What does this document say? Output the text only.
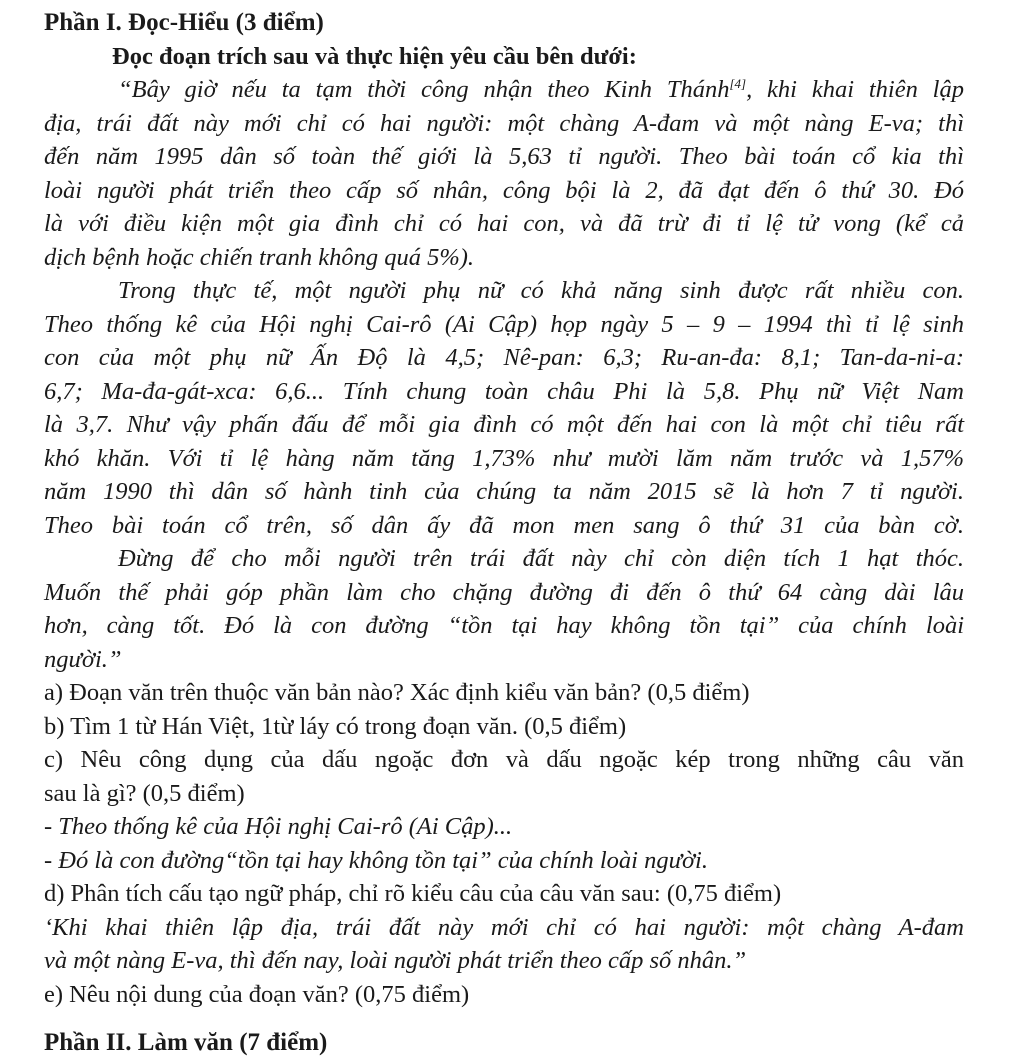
Phần I. Đọc-Hiểu (3 điểm)
Đọc đoạn trích sau và thực hiện yêu cầu bên dưới:
“Bây giờ nếu ta tạm thời công nhận theo Kinh Thánh[4], khi khai thiên lập
địa, trái đất này mới chỉ có hai người: một chàng A-đam và một nàng E-va; thì
đến năm 1995 dân số toàn thế giới là 5,63 tỉ người. Theo bài toán cổ kia thì
loài người phát triển theo cấp số nhân, công bội là 2, đã đạt đến ô thứ 30. Đó
là với điều kiện một gia đình chỉ có hai con, và đã trừ đi tỉ lệ tử vong (kể cả
dịch bệnh hoặc chiến tranh không quá 5%).
Trong thực tế, một người phụ nữ có khả năng sinh được rất nhiều con.
Theo thống kê của Hội nghị Cai-rô (Ai Cập) họp ngày 5 – 9 – 1994 thì tỉ lệ sinh
con của một phụ nữ Ấn Độ là 4,5; Nê-pan: 6,3; Ru-an-đa: 8,1; Tan-da-ni-a:
6,7; Ma-đa-gát-xca: 6,6... Tính chung toàn châu Phi là 5,8. Phụ nữ Việt Nam
là 3,7. Như vậy phấn đấu để mỗi gia đình có một đến hai con là một chỉ tiêu rất
khó khăn. Với tỉ lệ hàng năm tăng 1,73% như mười lăm năm trước và 1,57%
năm 1990 thì dân số hành tinh của chúng ta năm 2015 sẽ là hơn 7 tỉ người.
Theo bài toán cổ trên, số dân ấy đã mon men sang ô thứ 31 của bàn cờ.
Đừng để cho mỗi người trên trái đất này chỉ còn diện tích 1 hạt thóc.
Muốn thế phải góp phần làm cho chặng đường đi đến ô thứ 64 càng dài lâu
hơn, càng tốt. Đó là con đường “tồn tại hay không tồn tại” của chính loài
người.”
a) Đoạn văn trên thuộc văn bản nào? Xác định kiểu văn bản? (0,5 điểm)
b) Tìm 1 từ Hán Việt, 1từ láy có trong đoạn văn. (0,5 điểm)
c) Nêu công dụng của dấu ngoặc đơn và dấu ngoặc kép trong những câu văn
sau là gì? (0,5 điểm)
- Theo thống kê của Hội nghị Cai-rô (Ai Cập)...
- Đó là con đường“tồn tại hay không tồn tại” của chính loài người.
d) Phân tích cấu tạo ngữ pháp, chỉ rõ kiểu câu của câu văn sau: (0,75 điểm)
‘Khi khai thiên lập địa, trái đất này mới chỉ có hai người: một chàng A-đam
và một nàng E-va, thì đến nay, loài người phát triển theo cấp số nhân.”
e) Nêu nội dung của đoạn văn? (0,75 điểm)
Phần II. Làm văn (7 điểm)
